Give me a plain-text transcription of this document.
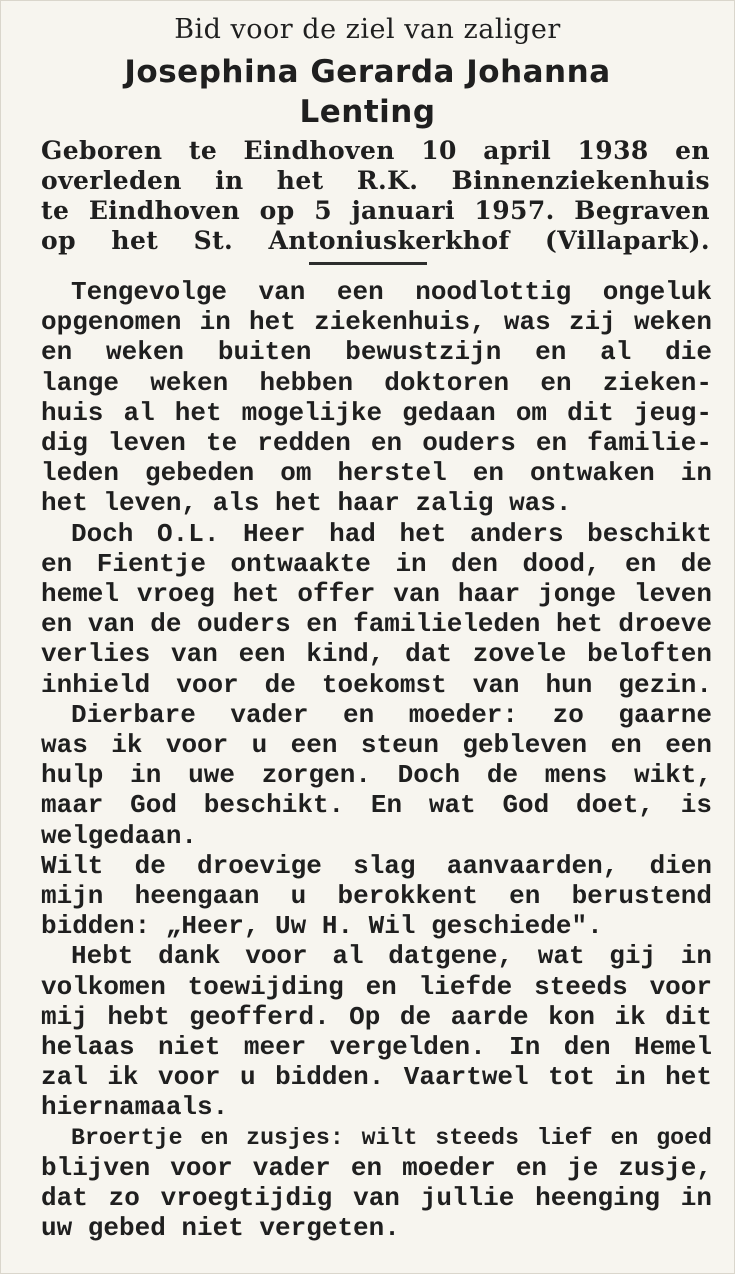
Bid voor de ziel van zaliger
Josephina Gerarda Johanna
Lenting
Geboren te Eindhoven 10 april 1938 en
overleden in het R.K. Binnenziekenhuis
te Eindhoven op 5 januari 1957. Begraven
op het St. Antoniuskerkhof (Villapark).
Tengevolge van een noodlottig ongeluk
opgenomen in het ziekenhuis, was zij weken
en weken buiten bewustzijn en al die
lange weken hebben doktoren en zieken-
huis al het mogelijke gedaan om dit jeug-
dig leven te redden en ouders en familie-
leden gebeden om herstel en ontwaken in
het leven, als het haar zalig was.
Doch O.L. Heer had het anders beschikt
en Fientje ontwaakte in den dood, en de
hemel vroeg het offer van haar jonge leven
en van de ouders en familieleden het droeve
verlies van een kind, dat zovele beloften
inhield voor de toekomst van hun gezin.
Dierbare vader en moeder: zo gaarne
was ik voor u een steun gebleven en een
hulp in uwe zorgen. Doch de mens wikt,
maar God beschikt. En wat God doet, is
welgedaan.
Wilt de droevige slag aanvaarden, dien
mijn heengaan u berokkent en berustend
bidden: „Heer, Uw H. Wil geschiede".
Hebt dank voor al datgene, wat gij in
volkomen toewijding en liefde steeds voor
mij hebt geofferd. Op de aarde kon ik dit
helaas niet meer vergelden. In den Hemel
zal ik voor u bidden. Vaartwel tot in het
hiernamaals.
Broertje en zusjes: wilt steeds lief en goed
blijven voor vader en moeder en je zusje,
dat zo vroegtijdig van jullie heenging in
uw gebed niet vergeten.
